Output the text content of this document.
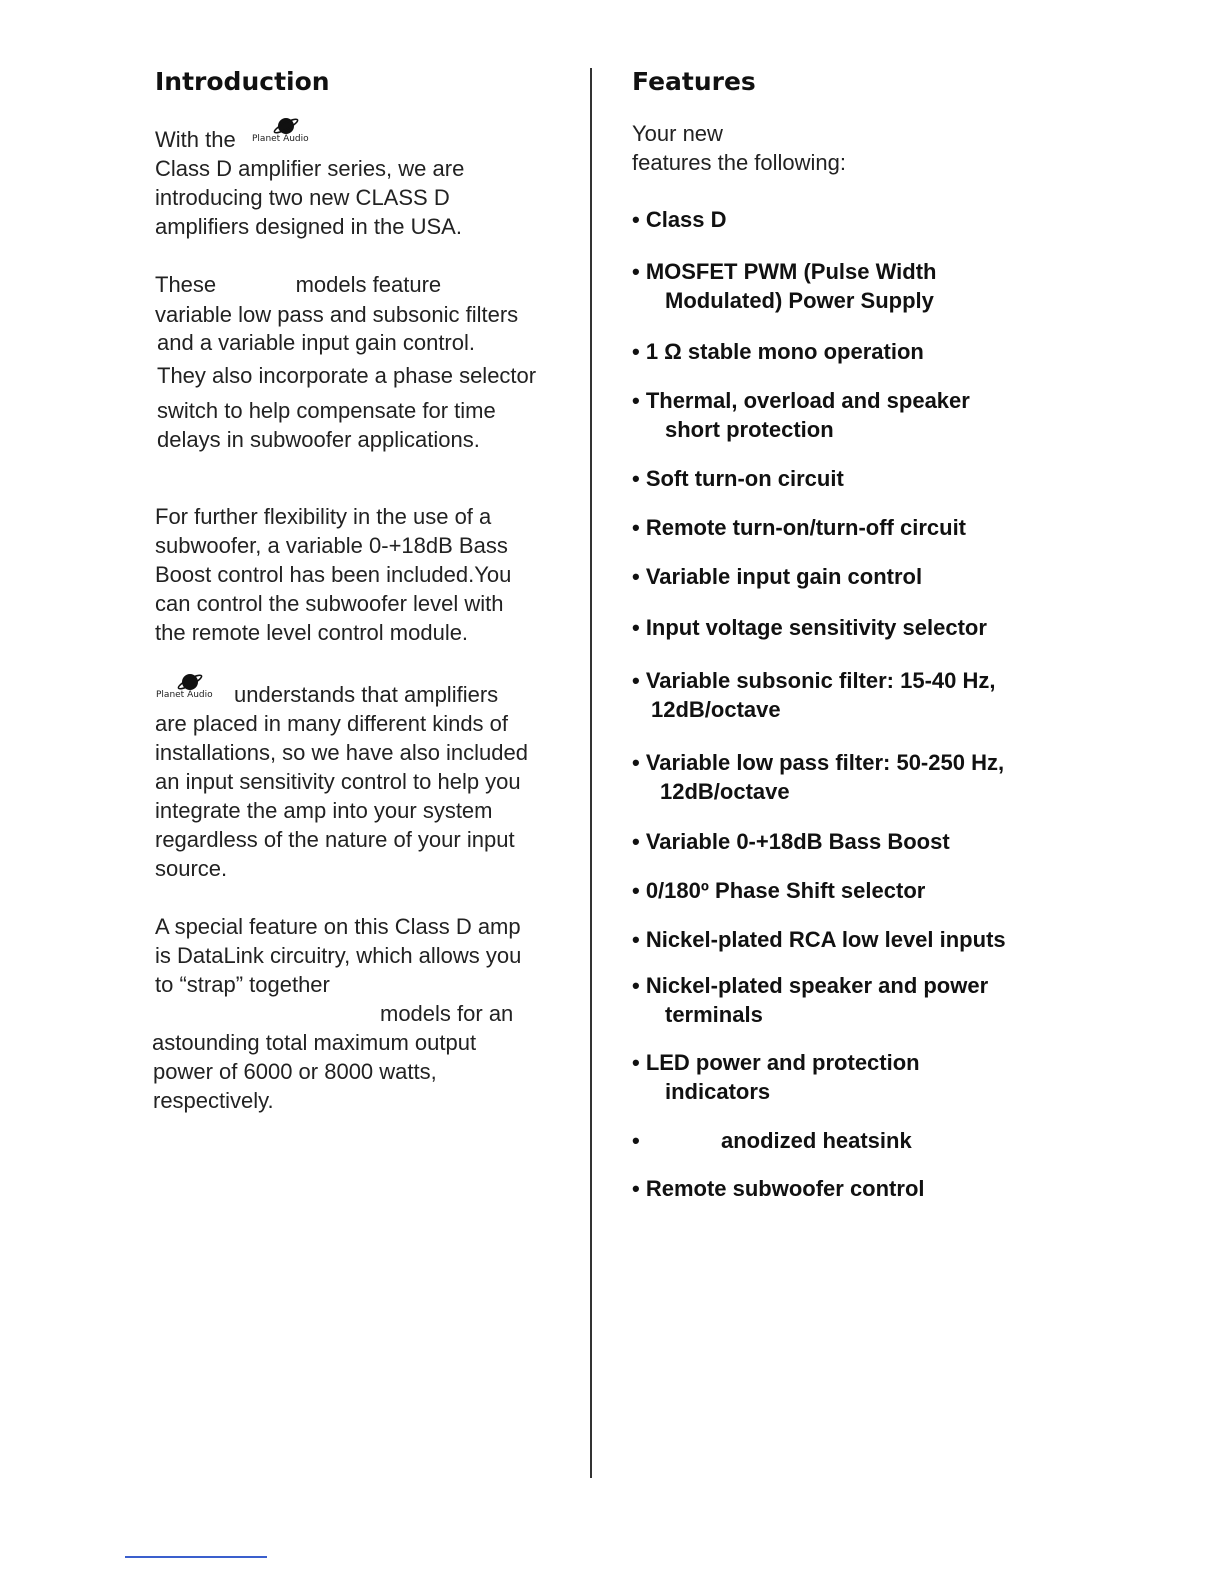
Introduction
With the Planet Audio
Class D amplifier series, we are
introducing two new CLASS D
amplifiers designed in the USA.
These             models feature
variable low pass and subsonic filters
and a variable input gain control.
They also incorporate a phase selector
switch to help compensate for time
delays in subwoofer applications.
For further flexibility in the use of a
subwoofer, a variable 0-+18dB Bass
Boost control has been included.You
can control the subwoofer level with
the remote level control module.
Planet Audio understands that amplifiers
are placed in many different kinds of
installations, so we have also included
an input sensitivity control to help you
integrate the amp into your system
regardless of the nature of your input
source.
A special feature on this Class D amp
is DataLink circuitry, which allows you
to “strap” together
models for an
astounding total maximum output
power of 6000 or 8000 watts,
respectively.
Features
Your new
features the following:
• Class D
• MOSFET PWM (Pulse Width
Modulated) Power Supply
• 1 Ω stable mono operation
• Thermal, overload and speaker
short protection
• Soft turn-on circuit
• Remote turn-on/turn-off circuit
• Variable input gain control
• Input voltage sensitivity selector
• Variable subsonic filter: 15-40 Hz,
12dB/octave
• Variable low pass filter: 50-250 Hz,
12dB/octave
• Variable 0-+18dB Bass Boost
• 0/180º Phase Shift selector
• Nickel-plated RCA low level inputs
• Nickel-plated speaker and power
terminals
• LED power and protection
indicators
•	anodized heatsink
• Remote subwoofer control
